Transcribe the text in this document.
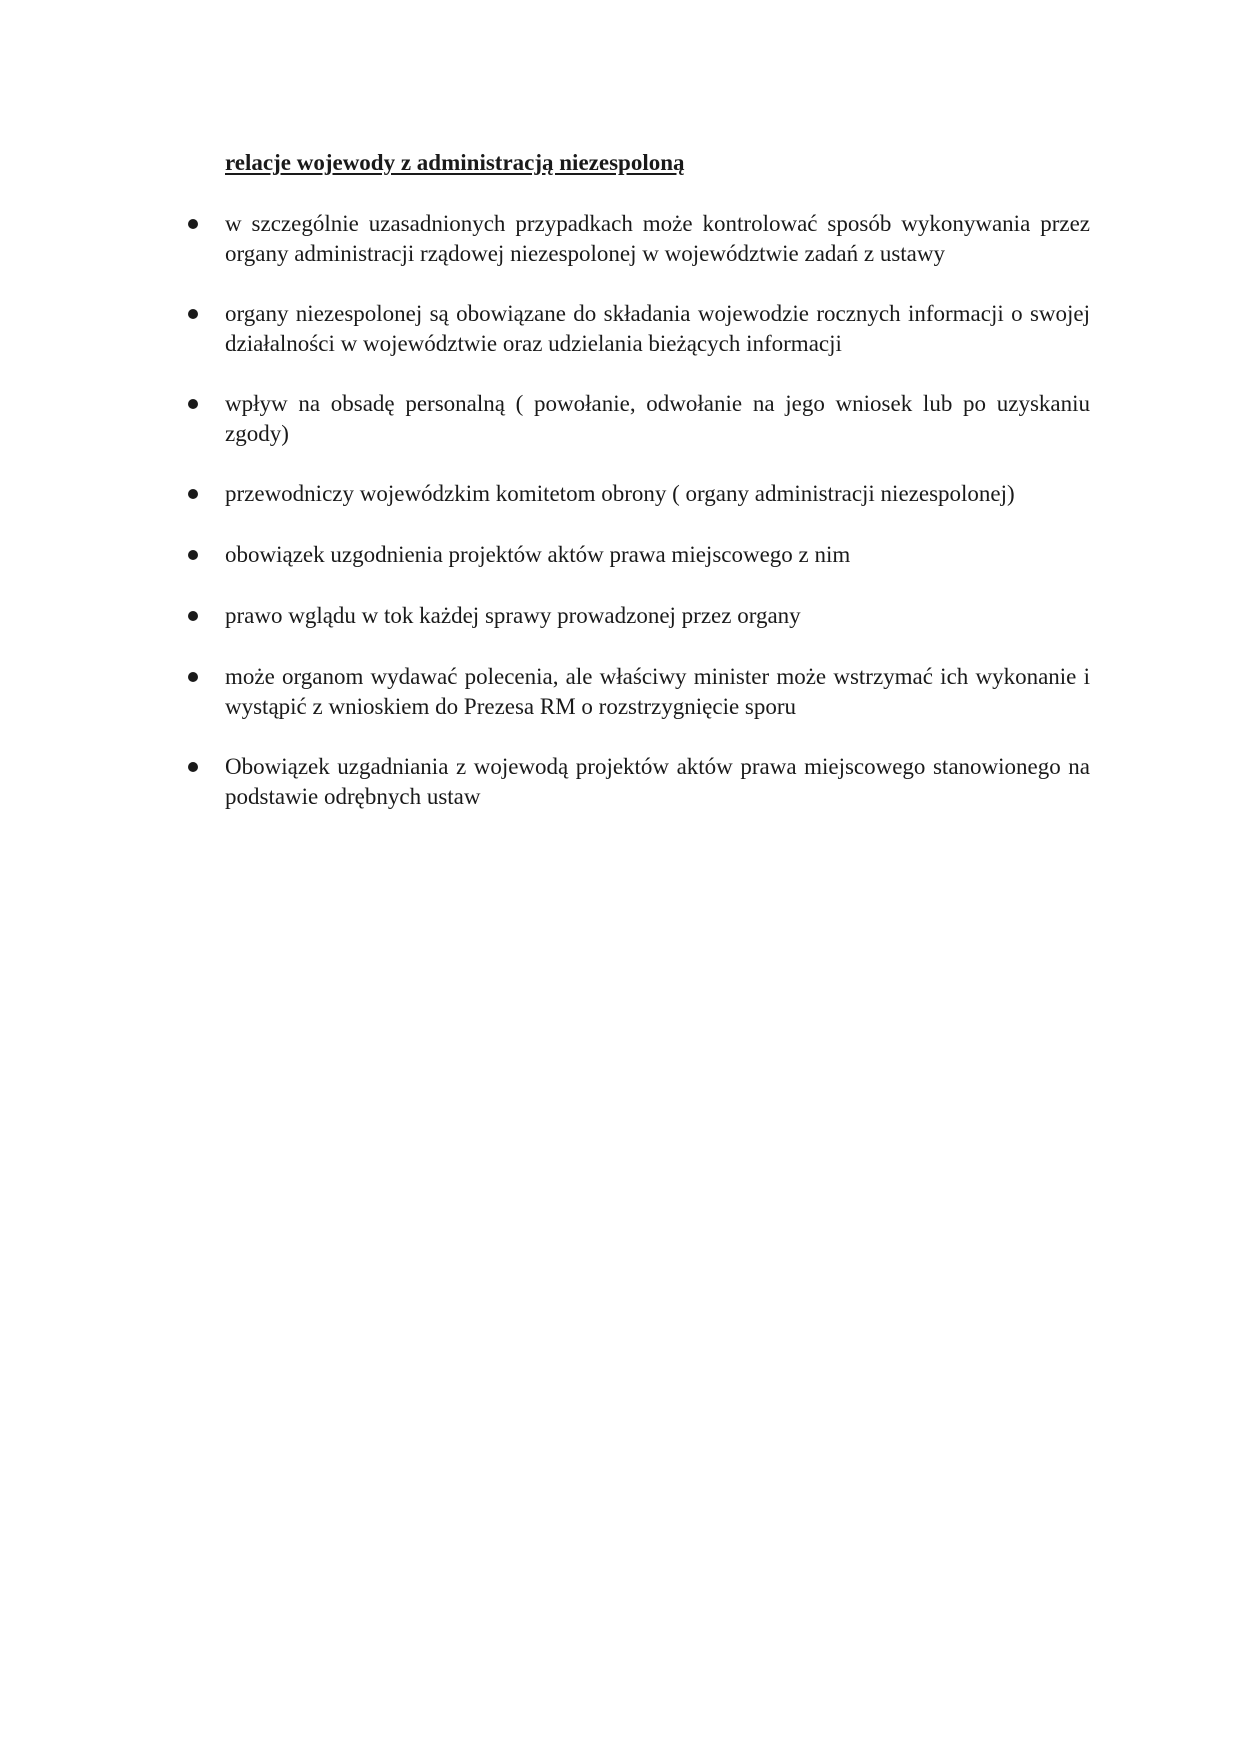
relacje wojewody z administracją niezespoloną
w szczególnie uzasadnionych przypadkach może kontrolować sposób wykonywania przez organy administracji rządowej niezespolonej w województwie zadań z ustawy
organy niezespolonej są obowiązane do składania wojewodzie rocznych informacji o swojej działalności w województwie oraz udzielania bieżących informacji
wpływ na obsadę personalną ( powołanie, odwołanie na jego wniosek lub po uzyskaniu zgody)
przewodniczy wojewódzkim komitetom obrony ( organy administracji niezespolonej)
obowiązek uzgodnienia projektów aktów prawa miejscowego z nim
prawo wglądu w tok każdej sprawy prowadzonej przez organy
może organom wydawać polecenia, ale właściwy minister może wstrzymać ich wykonanie i wystąpić z wnioskiem do Prezesa RM o rozstrzygnięcie sporu
Obowiązek uzgadniania z wojewodą projektów aktów prawa miejscowego stanowionego na podstawie odrębnych ustaw
